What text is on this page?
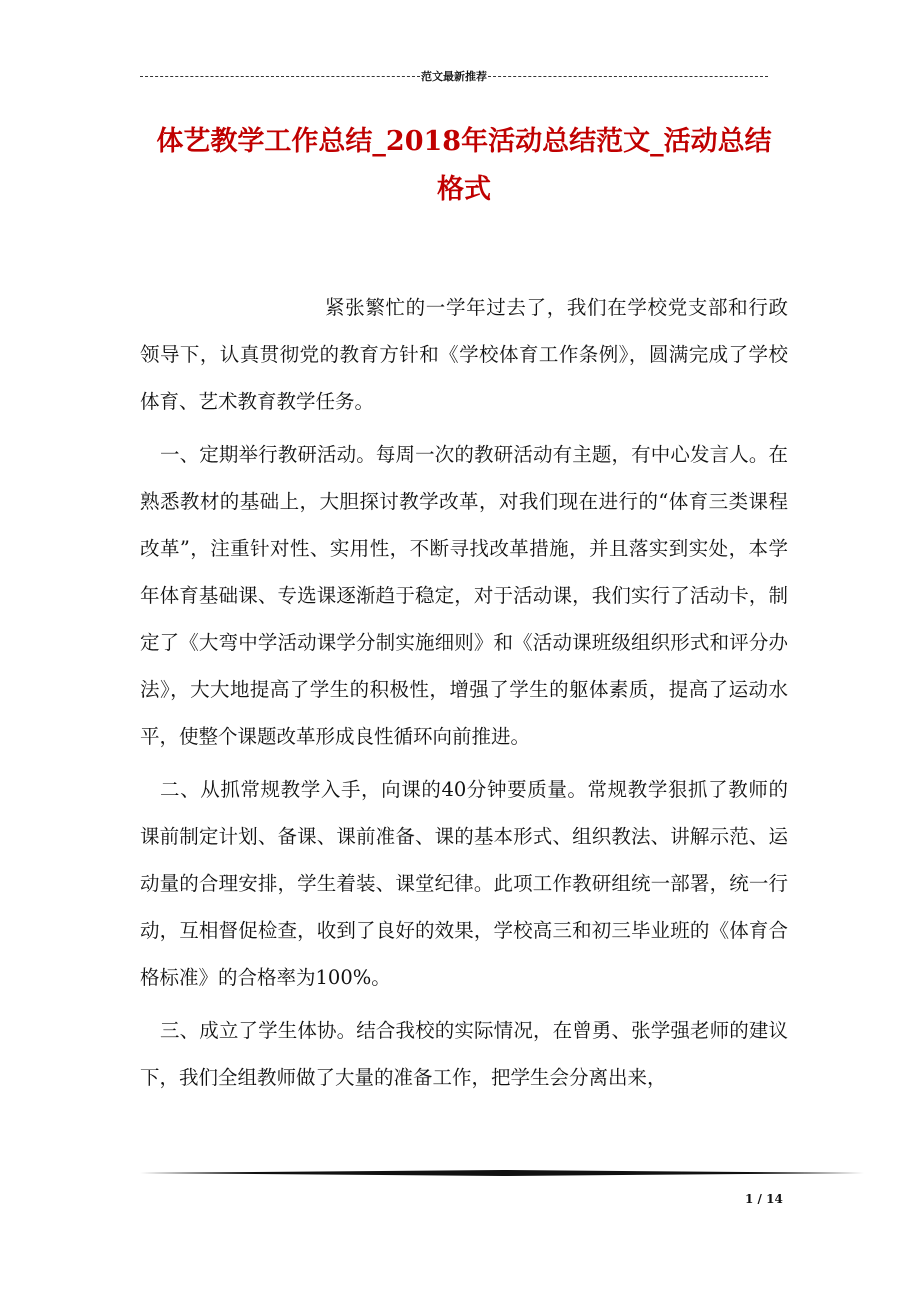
范文最新推荐
体艺教学工作总结_2018年活动总结范文_活动总结
格式

紧张繁忙的一学年过去了，我们在学校党支部和行政领导下，认真贯彻党的教育方针和《学校体育工作条例》，圆满完成了学校体育、艺术教育教学任务。

一、定期举行教研活动。每周一次的教研活动有主题，有中心发言人。在熟悉教材的基础上，大胆探讨教学改革，对我们现在进行的“体育三类课程改革”，注重针对性、实用性，不断寻找改革措施，并且落实到实处，本学年体育基础课、专选课逐渐趋于稳定，对于活动课，我们实行了活动卡，制定了《大弯中学活动课学分制实施细则》和《活动课班级组织形式和评分办法》，大大地提高了学生的积极性，增强了学生的躯体素质，提高了运动水平，使整个课题改革形成良性循环向前推进。

二、从抓常规教学入手，向课的40分钟要质量。常规教学狠抓了教师的课前制定计划、备课、课前准备、课的基本形式、组织教法、讲解示范、运动量的合理安排，学生着装、课堂纪律。此项工作教研组统一部署，统一行动，互相督促检查，收到了良好的效果，学校高三和初三毕业班的《体育合格标准》的合格率为100%。

三、成立了学生体协。结合我校的实际情况，在曾勇、张学强老师的建议下，我们全组教师做了大量的准备工作，把学生会分离出来，

1 / 14
